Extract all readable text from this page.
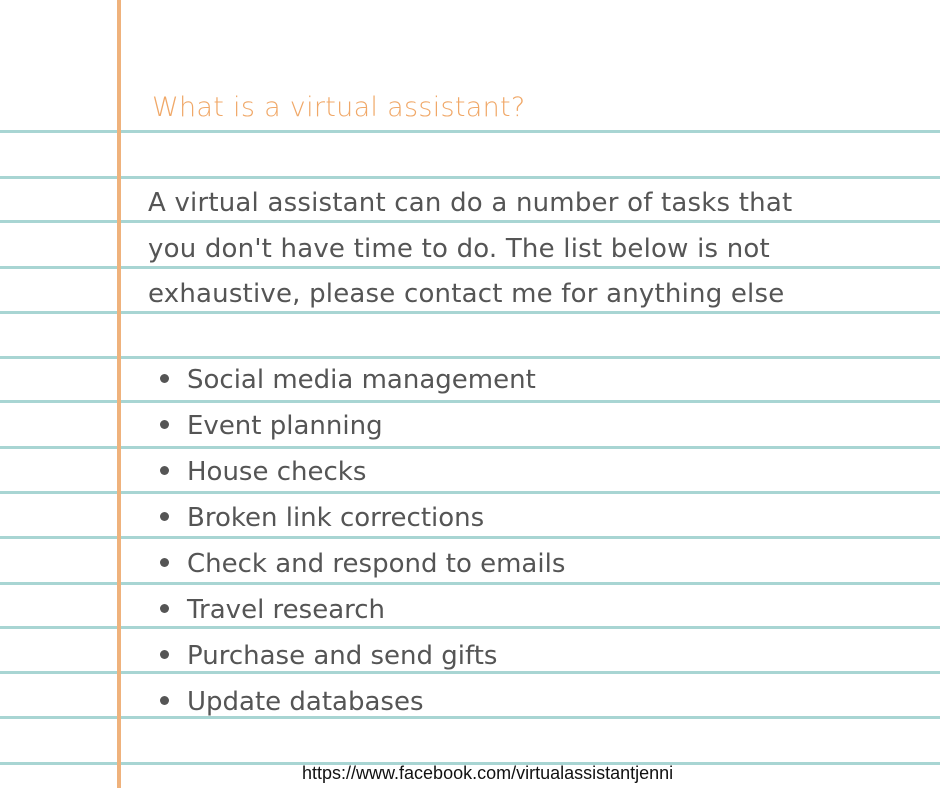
What is a virtual assistant?
A virtual assistant can do a number of tasks that
you don't have time to do. The list below is not
exhaustive, please contact me for anything else
Social media management
Event planning
House checks
Broken link corrections
Check and respond to emails
Travel research
Purchase and send gifts
Update databases
https://www.facebook.com/virtualassistantjenni
